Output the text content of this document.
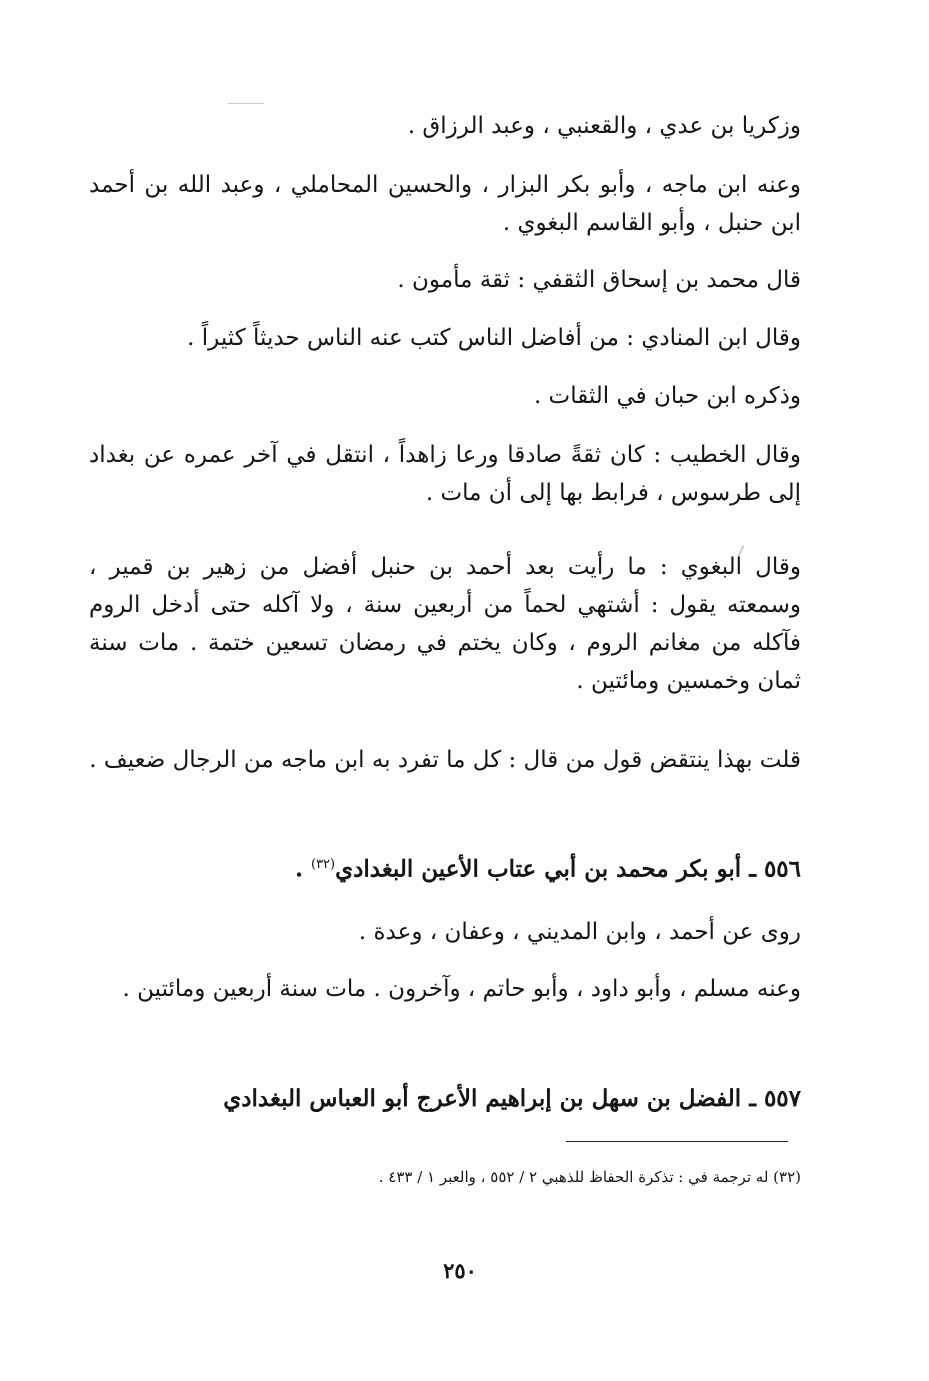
وزكريا بن عدي ، والقعنبي ، وعبد الرزاق .
وعنه ابن ماجه ، وأبو بكر البزار ، والحسين المحاملي ، وعبد الله بن أحمد ابن حنبل ، وأبو القاسم البغوي .
قال محمد بن إسحاق الثقفي : ثقة مأمون .
وقال ابن المنادي : من أفاضل الناس كتب عنه الناس حديثاً كثيراً .
وذكره ابن حبان في الثقات .
وقال الخطيب : كان ثقةً صادقا ورعا زاهداً ، انتقل في آخر عمره عن بغداد إلى طرسوس ، فرابط بها إلى أن مات .
وقال البغوي : ما رأيت بعد أحمد بن حنبل أفضل من زهير بن قمير ، وسمعته يقول : أشتهي لحماً من أربعين سنة ، ولا آكله حتى أدخل الروم فآكله من مغانم الروم ، وكان يختم في رمضان تسعين ختمة . مات سنة ثمان وخمسين ومائتين .
قلت بهذا ينتقض قول من قال : كل ما تفرد به ابن ماجه من الرجال ضعيف .
٥٥٦ ـ أبو بكر محمد بن أبي عتاب الأعين البغدادي$^{(٣٢)}$ .
روى عن أحمد ، وابن المديني ، وعفان ، وعدة .
وعنه مسلم ، وأبو داود ، وأبو حاتم ، وآخرون . مات سنة أربعين ومائتين .
٥٥٧ ـ الفضل بن سهل بن إبراهيم الأعرج أبو العباس البغدادي
(٣٢) له ترجمة في : تذكرة الحفاظ للذهبي ٢ / ٥٥٢ ، والعبر ١ / ٤٣٣ .
٢٥٠
